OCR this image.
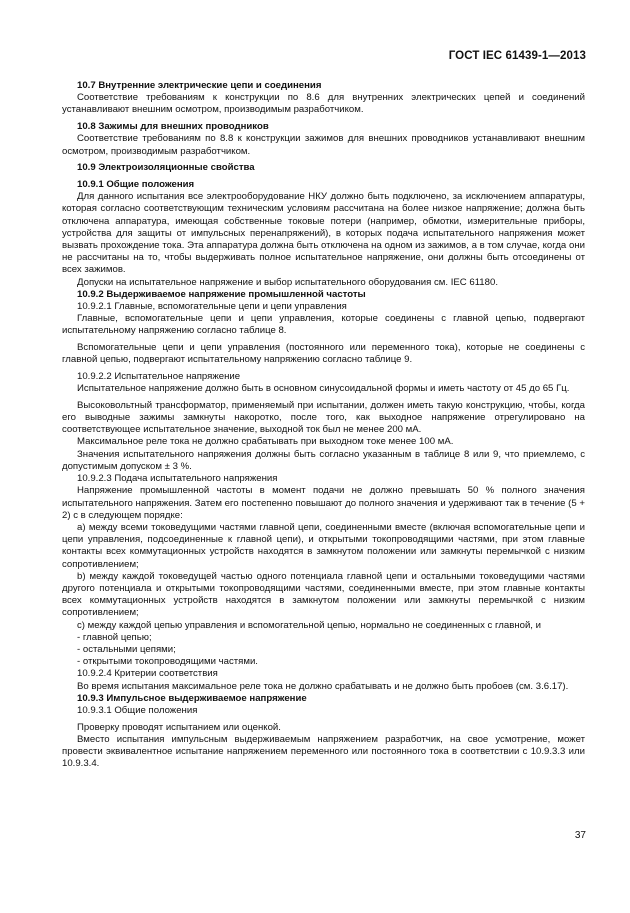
ГОСТ IEC 61439-1—2013

10.7 Внутренние электрические цепи и соединения

Соответствие требованиям к конструкции по 8.6 для внутренних электрических цепей и соединений устанавливают внешним осмотром, производимым разработчиком.

10.8 Зажимы для внешних проводников

Соответствие требованиям по 8.8 к конструкции зажимов для внешних проводников устанавливают внешним осмотром, производимым разработчиком.

10.9 Электроизоляционные свойства

10.9.1 Общие положения

Для данного испытания все электрооборудование НКУ должно быть подключено, за исключением аппаратуры, которая согласно соответствующим техническим условиям рассчитана на более низкое напряжение; должна быть отключена аппаратура, имеющая собственные токовые потери (например, обмотки, измерительные приборы, устройства для защиты от импульсных перенапряжений), в которых подача испытательного напряжения может вызвать прохождение тока. Эта аппаратура должна быть отключена на одном из зажимов, а в том случае, когда они не рассчитаны на то, чтобы выдерживать полное испытательное напряжение, они должны быть отсоединены от всех зажимов.

Допуски на испытательное напряжение и выбор испытательного оборудования см. IEC 61180.

10.9.2 Выдерживаемое напряжение промышленной частоты

10.9.2.1 Главные, вспомогательные цепи и цепи управления

Главные, вспомогательные цепи и цепи управления, которые соединены с главной цепью, подвергают испытательному напряжению согласно таблице 8.

Вспомогательные цепи и цепи управления (постоянного или переменного тока), которые не соединены с главной цепью, подвергают испытательному напряжению согласно таблице 9.

10.9.2.2 Испытательное напряжение

Испытательное напряжение должно быть в основном синусоидальной формы и иметь частоту от 45 до 65 Гц.

Высоковольтный трансформатор, применяемый при испытании, должен иметь такую конструкцию, чтобы, когда его выводные зажимы замкнуты накоротко, после того, как выходное напряжение отрегулировано на соответствующее испытательное значение, выходной ток был не менее 200 мА.

Максимальное реле тока не должно срабатывать при выходном токе менее 100 мА.

Значения испытательного напряжения должны быть согласно указанным в таблице 8 или 9, что приемлемо, с допустимым допуском ± 3 %.

10.9.2.3 Подача испытательного напряжения

Напряжение промышленной частоты в момент подачи не должно превышать 50 % полного значения испытательного напряжения. Затем его постепенно повышают до полного значения и удерживают так в течение (5 + 2) с в следующем порядке:

a) между всеми токоведущими частями главной цепи, соединенными вместе (включая вспомогательные цепи и цепи управления, подсоединенные к главной цепи), и открытыми токопроводящими частями, при этом главные контакты всех коммутационных устройств находятся в замкнутом положении или замкнуты перемычкой с низким сопротивлением;

b) между каждой токоведущей частью одного потенциала главной цепи и остальными токоведущими частями другого потенциала и открытыми токопроводящими частями, соединенными вместе, при этом главные контакты всех коммутационных устройств находятся в замкнутом положении или замкнуты перемычкой с низким сопротивлением;

c) между каждой цепью управления и вспомогательной цепью, нормально не соединенных с главной, и

- главной цепью;

- остальными цепями;

- открытыми токопроводящими частями.

10.9.2.4 Критерии соответствия

Во время испытания максимальное реле тока не должно срабатывать и не должно быть пробоев (см. 3.6.17).

10.9.3 Импульсное выдерживаемое напряжение

10.9.3.1 Общие положения

Проверку проводят испытанием или оценкой.

Вместо испытания импульсным выдерживаемым напряжением разработчик, на свое усмотрение, может провести эквивалентное испытание напряжением переменного или постоянного тока в соответствии с 10.9.3.3 или 10.9.3.4.

37
